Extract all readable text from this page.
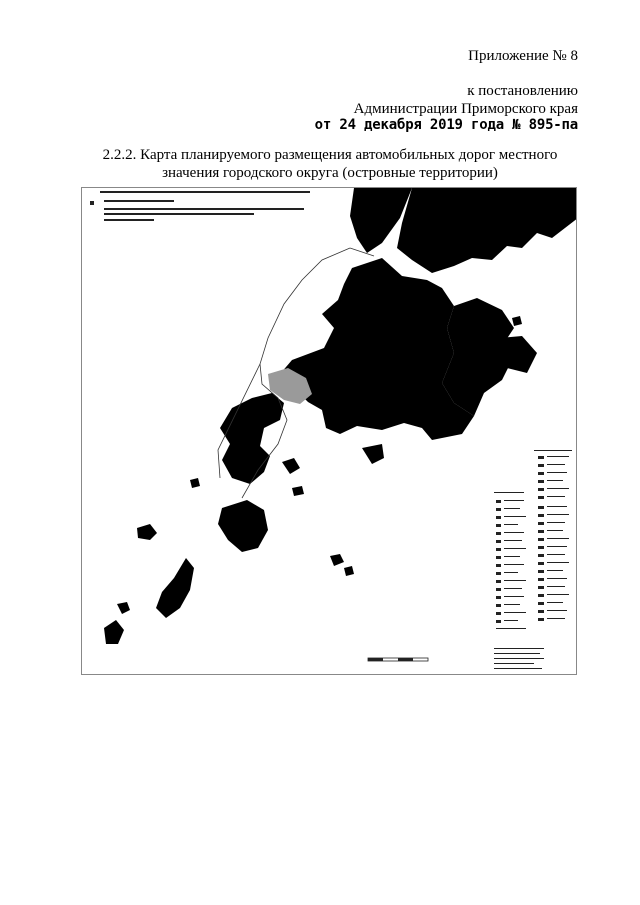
Приложение № 8
к постановлению
Администрации Приморского края
от 24 декабря 2019 года № 895-па
2.2.2. Карта планируемого размещения автомобильных дорог местного
значения городского округа (островные территории)
